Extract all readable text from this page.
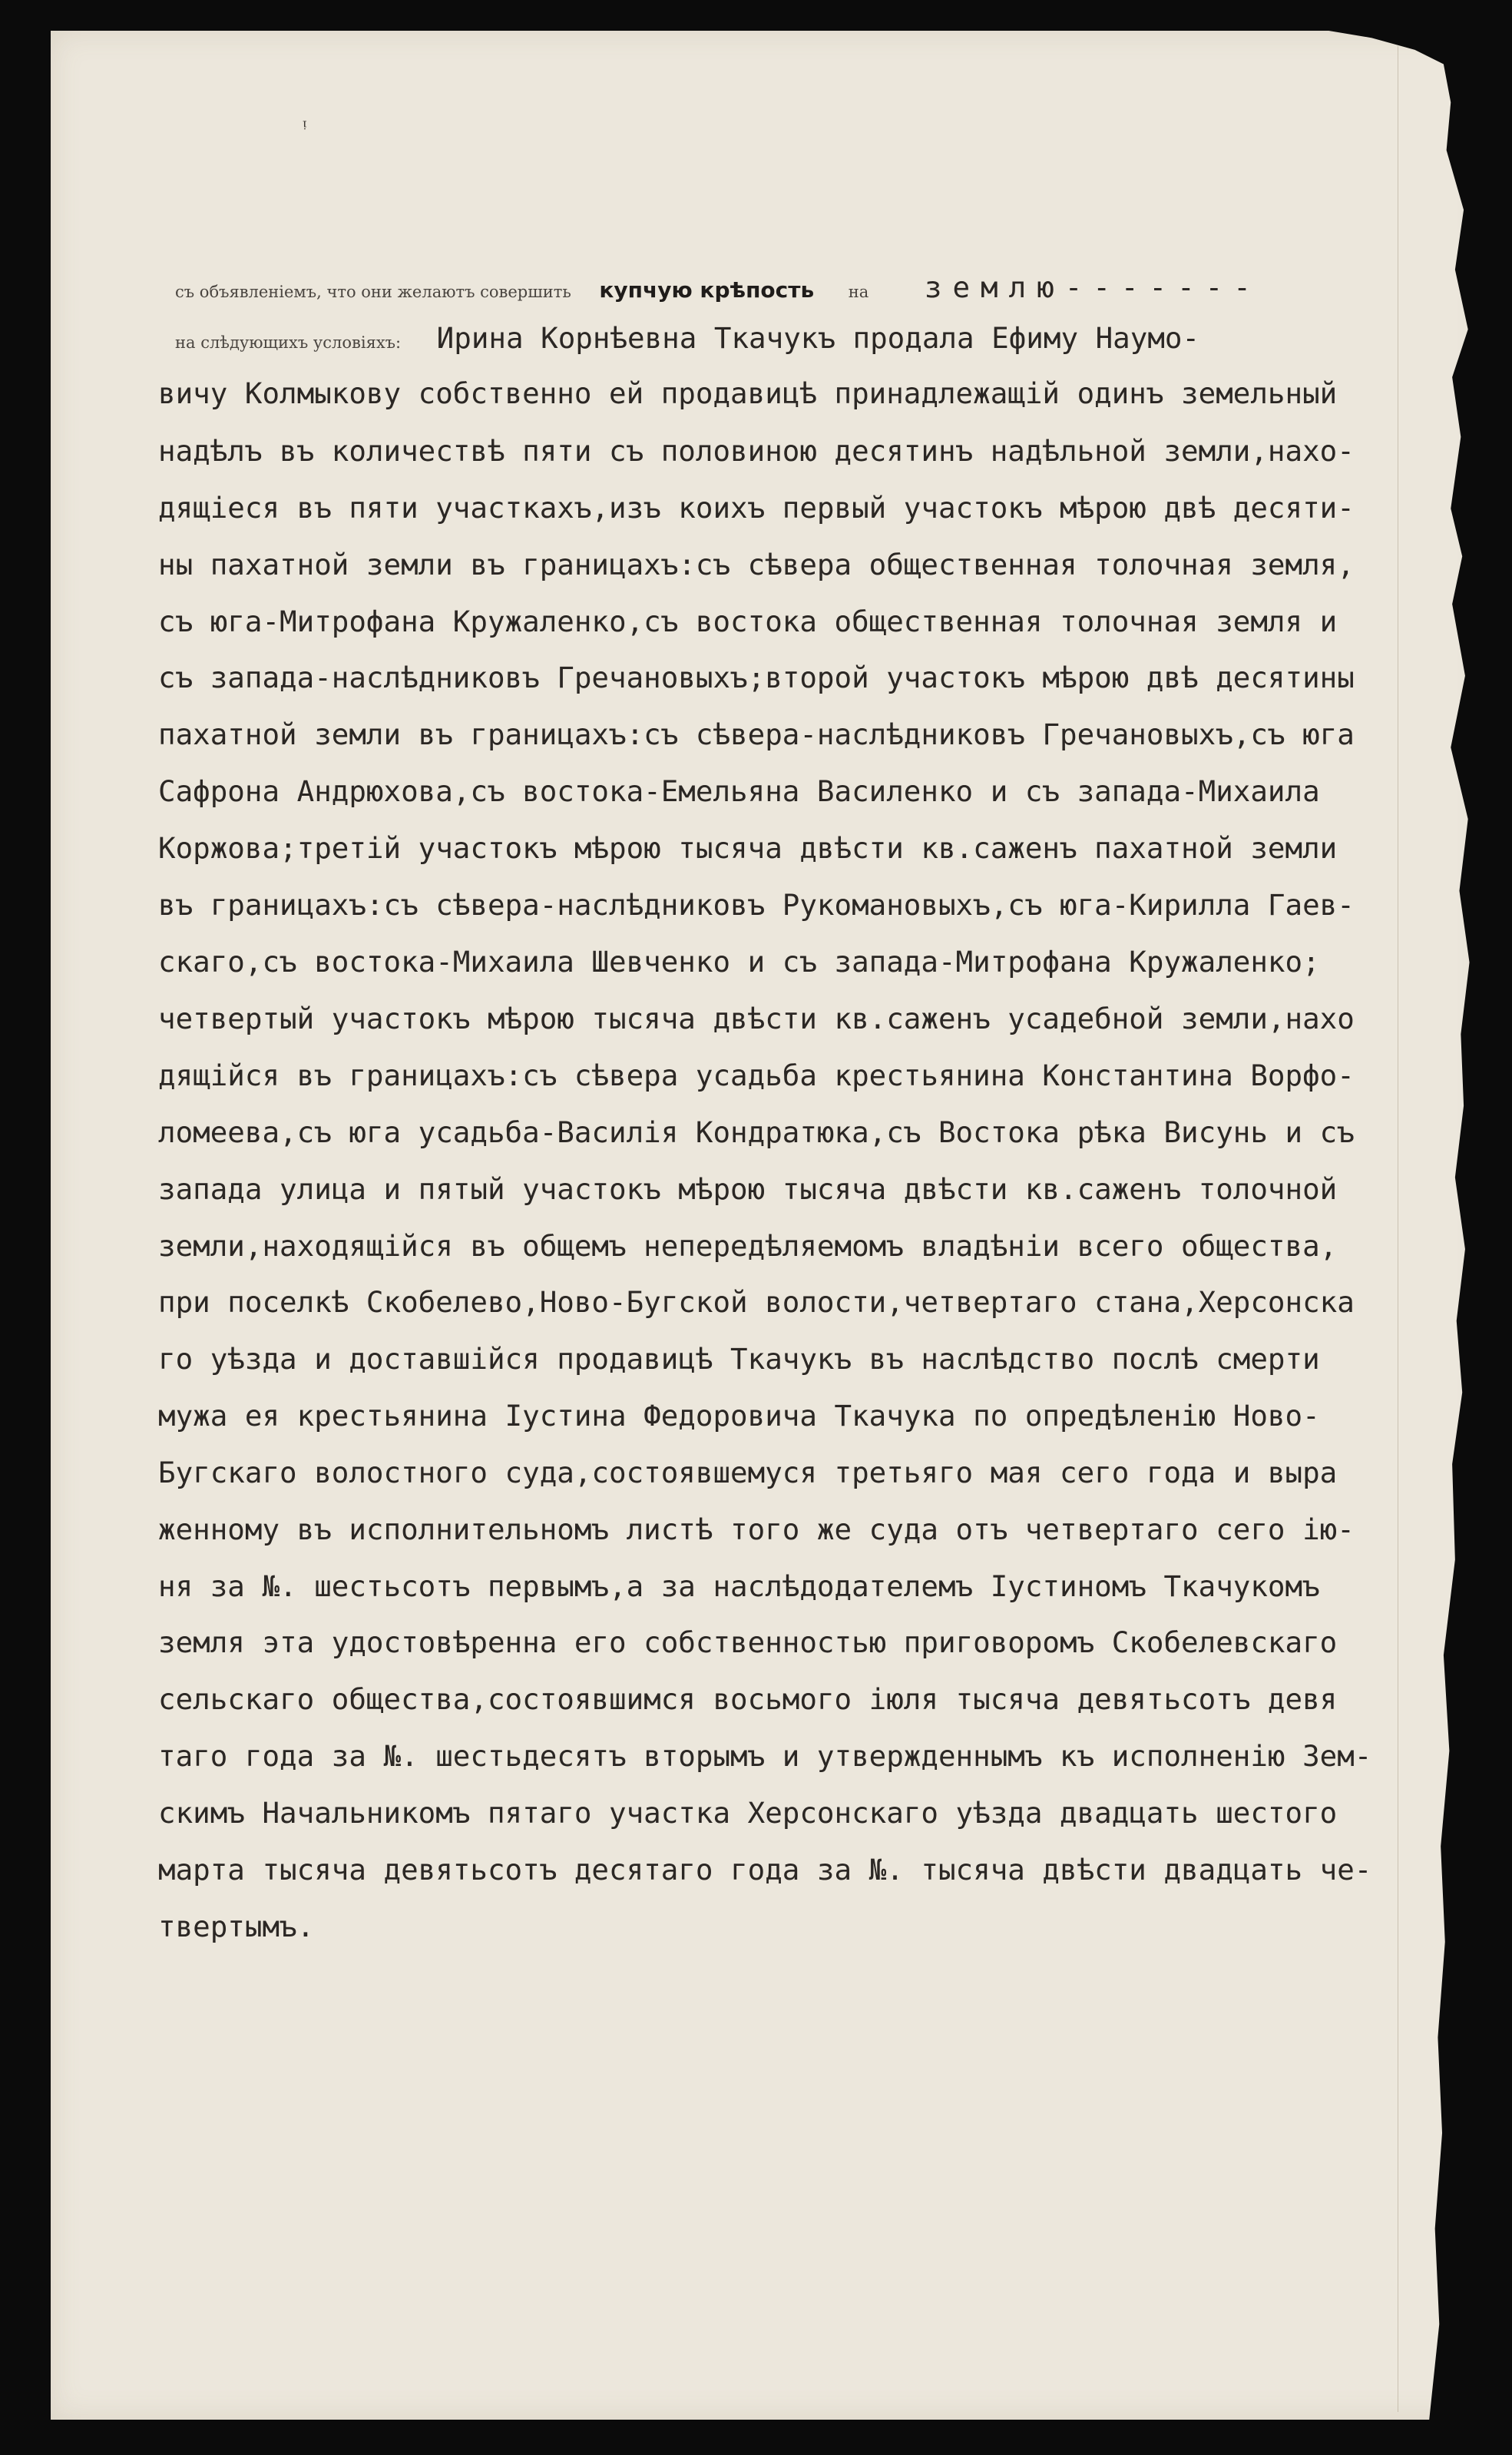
ᵎ
съ объявленіемъ, что они желаютъ совершить купчую крѣпость на землю-------
на слѣдующихъ условіяхъ: Ирина Корнѣевна Ткачукъ продала Ефиму Наумо-
вичу Колмыкову собственно ей продавицѣ принадлежащій одинъ земельный
надѣлъ въ количествѣ пяти съ половиною десятинъ надѣльной земли,нахо-
дящіеся въ пяти участкахъ,изъ коихъ первый участокъ мѣрою двѣ десяти-
ны пахатной земли въ границахъ:съ сѣвера общественная толочная земля,
съ юга-Митрофана Кружаленко,съ востока общественная толочная земля и
съ запада-наслѣдниковъ Гречановыхъ;второй участокъ мѣрою двѣ десятины
пахатной земли въ границахъ:съ сѣвера-наслѣдниковъ Гречановыхъ,съ юга
Сафрона Андрюхова,съ востока-Емельяна Василенко и съ запада-Михаила
Коржова;третій участокъ мѣрою тысяча двѣсти кв.саженъ пахатной земли
въ границахъ:съ сѣвера-наслѣдниковъ Рукомановыхъ,съ юга-Кирилла Гаев-
скаго,съ востока-Михаила Шевченко и съ запада-Митрофана Кружаленко;
четвертый участокъ мѣрою тысяча двѣсти кв.саженъ усадебной земли,нахо
дящійся въ границахъ:съ сѣвера усадьба крестьянина Константина Ворфо-
ломеева,съ юга усадьба-Василія Кондратюка,съ Востока рѣка Висунь и съ
запада улица и пятый участокъ мѣрою тысяча двѣсти кв.саженъ толочной
земли,находящійся въ общемъ непередѣляемомъ владѣніи всего общества,
при поселкѣ Скобелево,Ново-Бугской волости,четвертаго стана,Херсонска
го уѣзда и доставшійся продавицѣ Ткачукъ въ наслѣдство послѣ смерти
мужа ея крестьянина Іустина Федоровича Ткачука по опредѣленію Ново-
Бугскаго волостного суда,состоявшемуся третьяго мая сего года и выра
женному въ исполнительномъ листѣ того же суда отъ четвертаго сего ію-
ня за №. шестьсотъ первымъ,а за наслѣдодателемъ Іустиномъ Ткачукомъ
земля эта удостовѣренна его собственностью приговоромъ Скобелевскаго
сельскаго общества,состоявшимся восьмого іюля тысяча девятьсотъ девя
таго года за №. шестьдесятъ вторымъ и утвержденнымъ къ исполненію Зем-
скимъ Начальникомъ пятаго участка Херсонскаго уѣзда двадцать шестого
марта тысяча девятьсотъ десятаго года за №. тысяча двѣсти двадцать че-
твертымъ.
